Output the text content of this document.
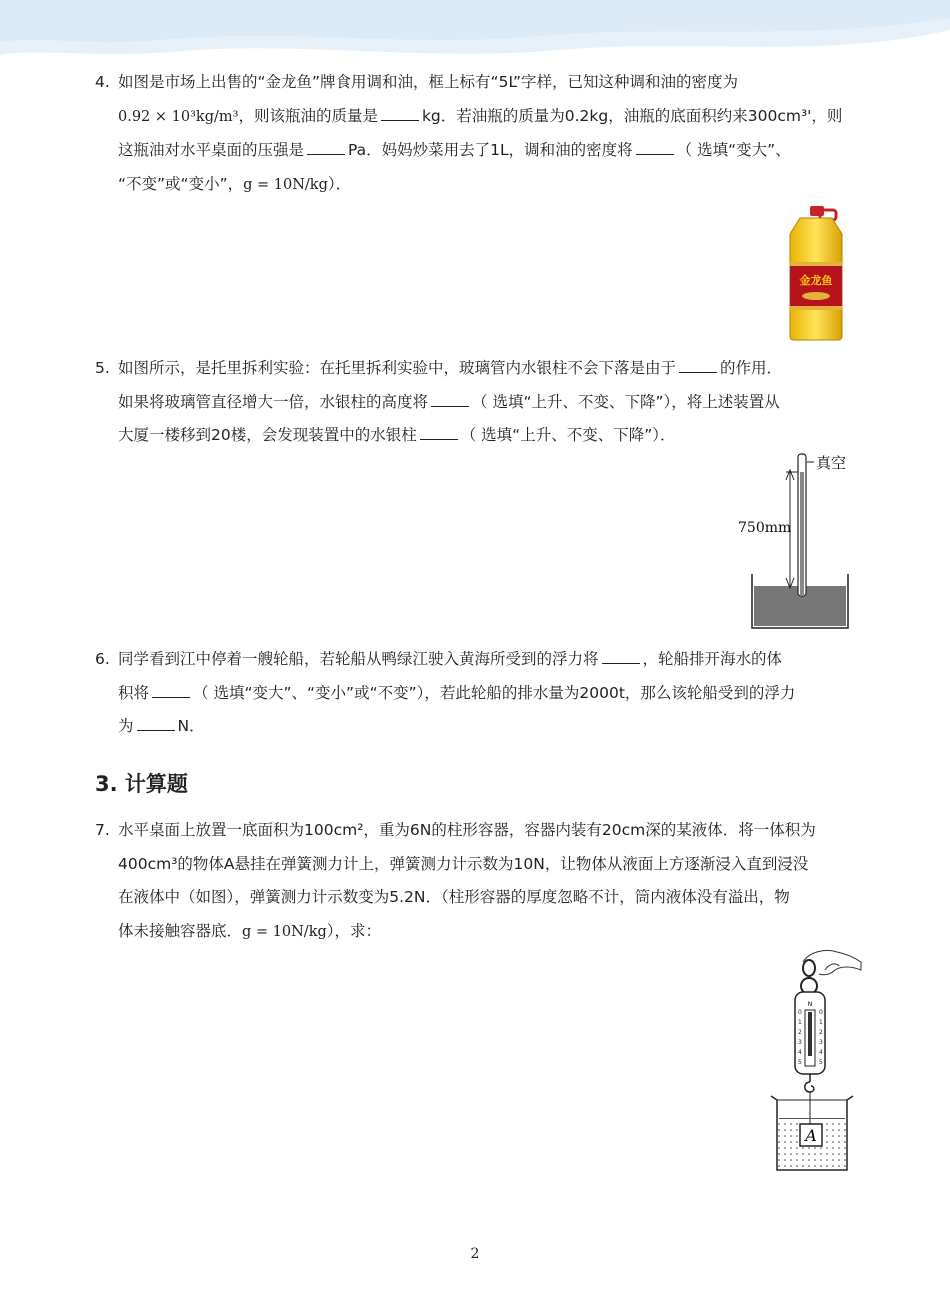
4. 如图是市场上出售的“金龙鱼”牌食用调和油，框上标有“5L”字样，已知这种调和油的密度为
0.92 × 10³kg/m³，则该瓶油的质量是	kg．若油瓶的质量为0.2kg，油瓶的底面积约来300cm³'，则
这瓶油对水平桌面的压强是	Pa．妈妈炒菜用去了1L，调和油的密度将	（ 选填“变大”、
“不变”或“变小”，g = 10N/kg）．
金龙鱼
5. 如图所示，是托里拆利实验：在托里拆利实验中，玻璃管内水银柱不会下落是由于	的作用．
如果将玻璃管直径增大一倍，水银柱的高度将	（ 选填“上升、不变、下降”），将上述装置从
大厦一楼移到20楼，会发现装置中的水银柱	（ 选填“上升、不变、下降”）．
真空
750mm
6. 同学看到江中停着一艘轮船，若轮船从鸭绿江驶入黄海所受到的浮力将	，轮船排开海水的体
积将	（ 选填“变大”、“变小”或“不变”），若此轮船的排水量为2000t，那么该轮船受到的浮力
为	N．
3. 计算题
7. 水平桌面上放置一底面积为100cm²，重为6N的柱形容器，容器内装有20cm深的某液体．将一体积为
400cm³的物体A悬挂在弹簧测力计上，弹簧测力计示数为10N，让物体从液面上方逐渐浸入直到浸没
在液体中（如图），弹簧测力计示数变为5.2N．（柱形容器的厚度忽略不计，筒内液体没有溢出，物
体未接触容器底．g = 10N/kg），求：
N
0	0
1	1
2	2
3	3
4	4
5	5
A
2
